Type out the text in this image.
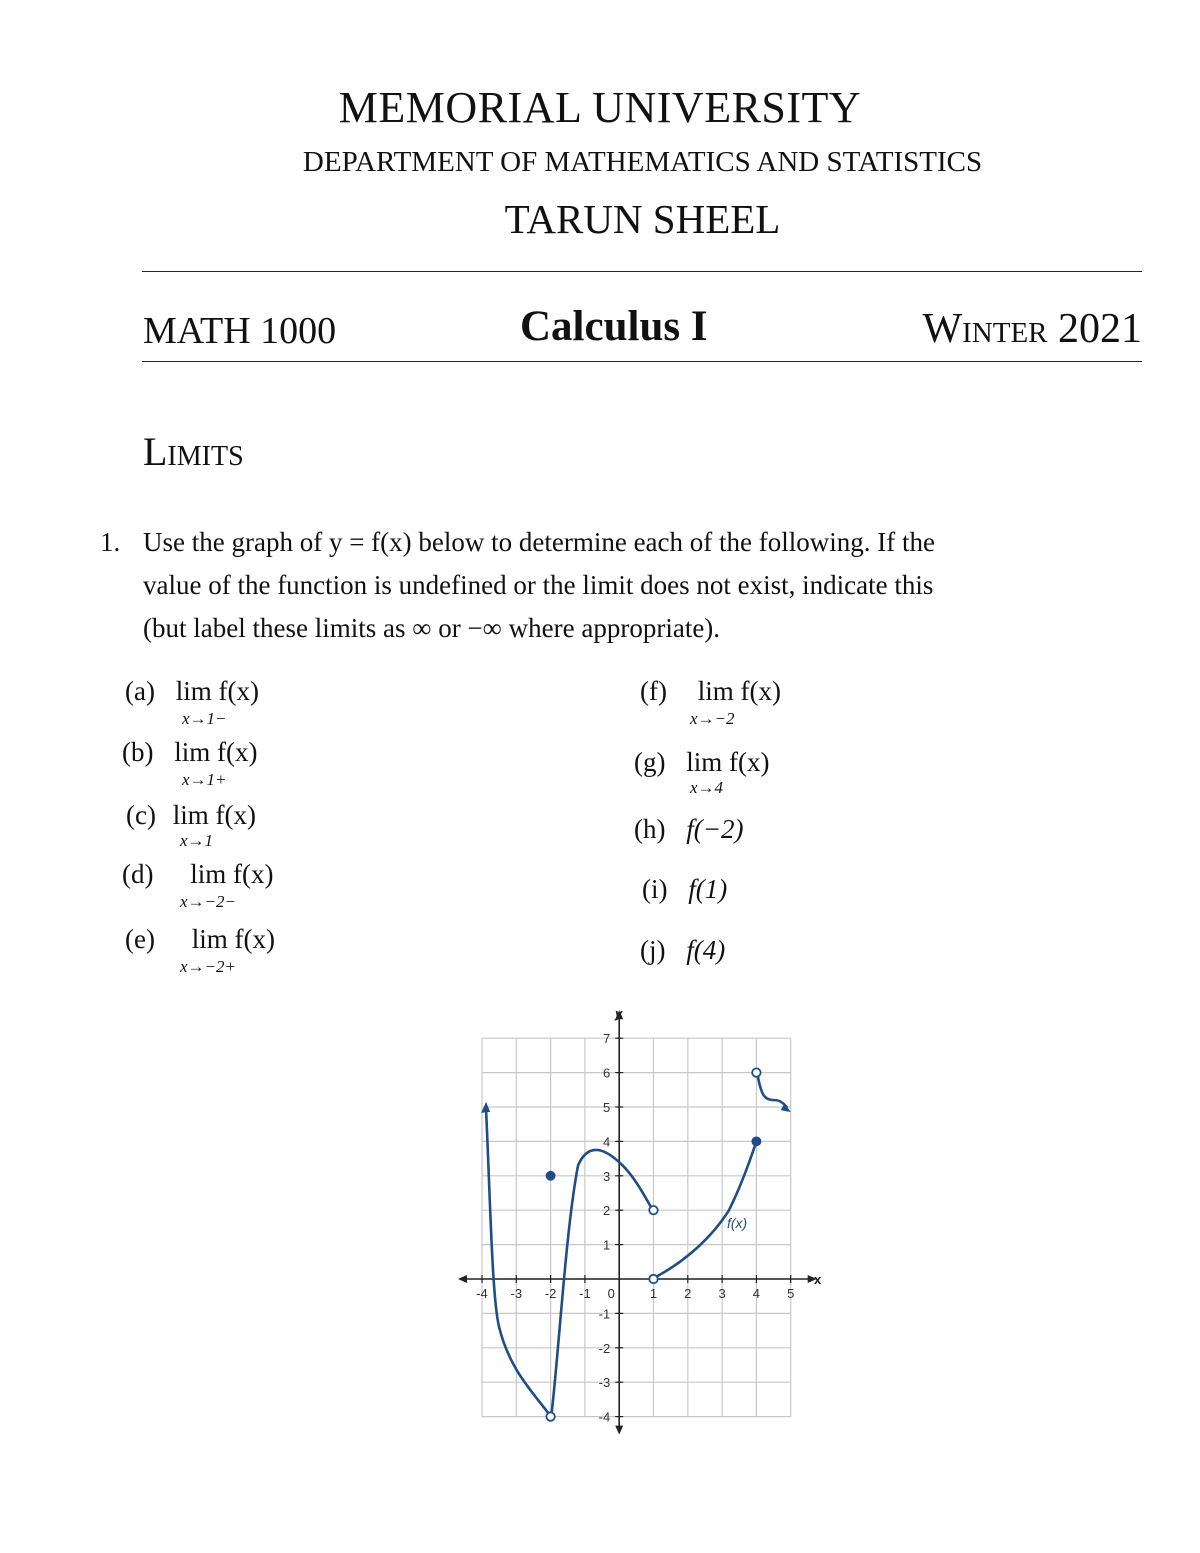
MEMORIAL UNIVERSITY
DEPARTMENT OF MATHEMATICS AND STATISTICS
TARUN SHEEL
MATH 1000	Calculus I	Winter 2021
Limits
1. Use the graph of y = f(x) below to determine each of the following. If the
value of the function is undefined or the limit does not exist, indicate this
(but label these limits as ∞ or −∞ where appropriate).
(a) lim f(x)
x→1−
(b) lim f(x)
x→1+
(c) lim f(x)
x→1
(d) lim f(x)
x→−2−
(e) lim f(x)
x→−2+
(f) lim f(x)
x→−2
(g) lim f(x)
x→4
(h) f(−2)
(i) f(1)
(j) f(4)
-4 -3 -2 -1 0	1 2 3 4 5
7
6
5
4
3
2
1
-1
-2
-3
-4
x
y
f(x)
